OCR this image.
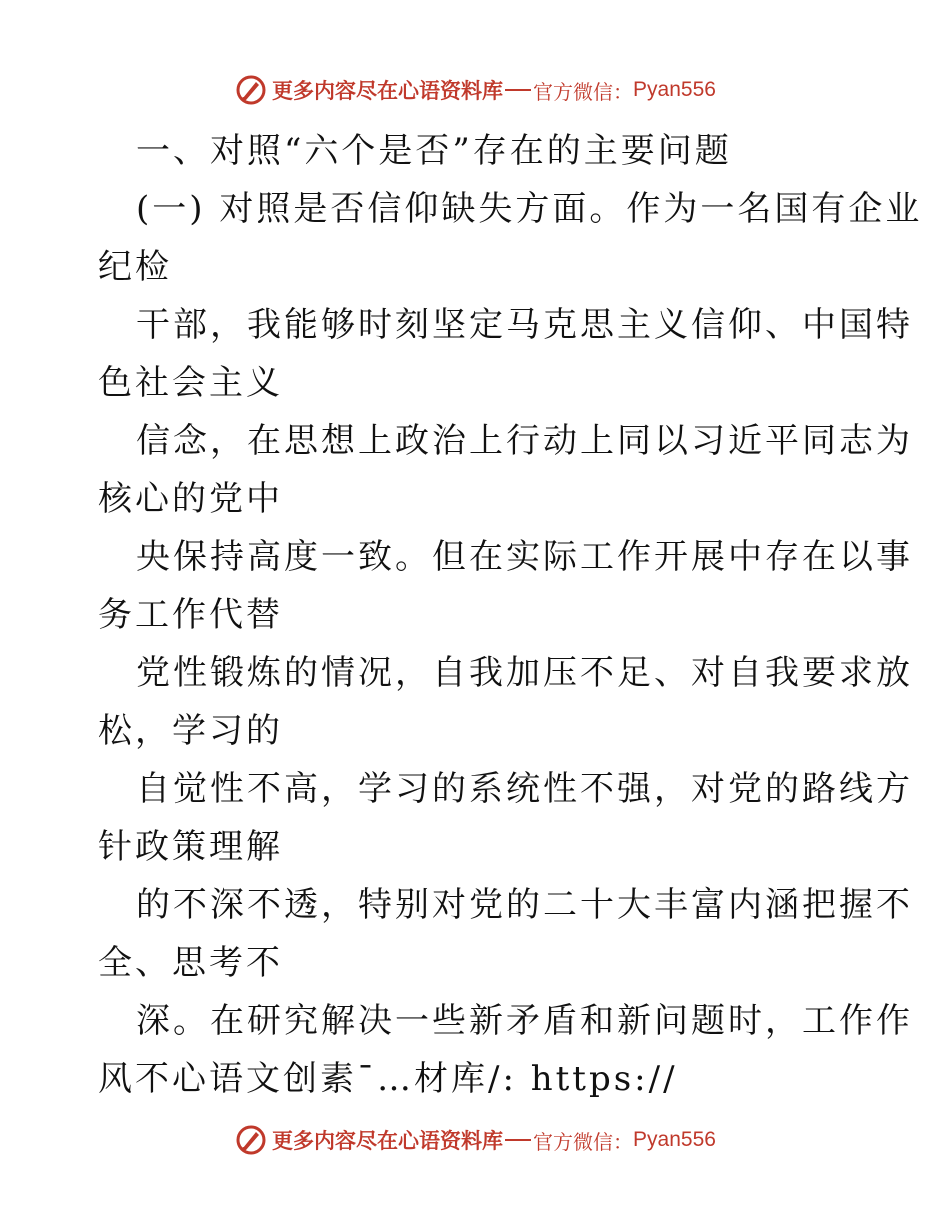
更多内容尽在心语资料库 官方微信： Pyan556
一、对照“六个是否”存在的主要问题
(一) 对照是否信仰缺失方面。作为一名国有企业
纪检
干部，我能够时刻坚定马克思主义信仰、中国特
色社会主义
信念，在思想上政治上行动上同以习近平同志为
核心的党中
央保持高度一致。但在实际工作开展中存在以事
务工作代替
党性锻炼的情况，自我加压不足、对自我要求放
松，学习的
自觉性不高，学习的系统性不强，对党的路线方
针政策理解
的不深不透，特别对党的二十大丰富内涵把握不
全、思考不
深。在研究解决一些新矛盾和新问题时，工作作
风不心语文创素¯…材库/: https://
更多内容尽在心语资料库 官方微信： Pyan556
